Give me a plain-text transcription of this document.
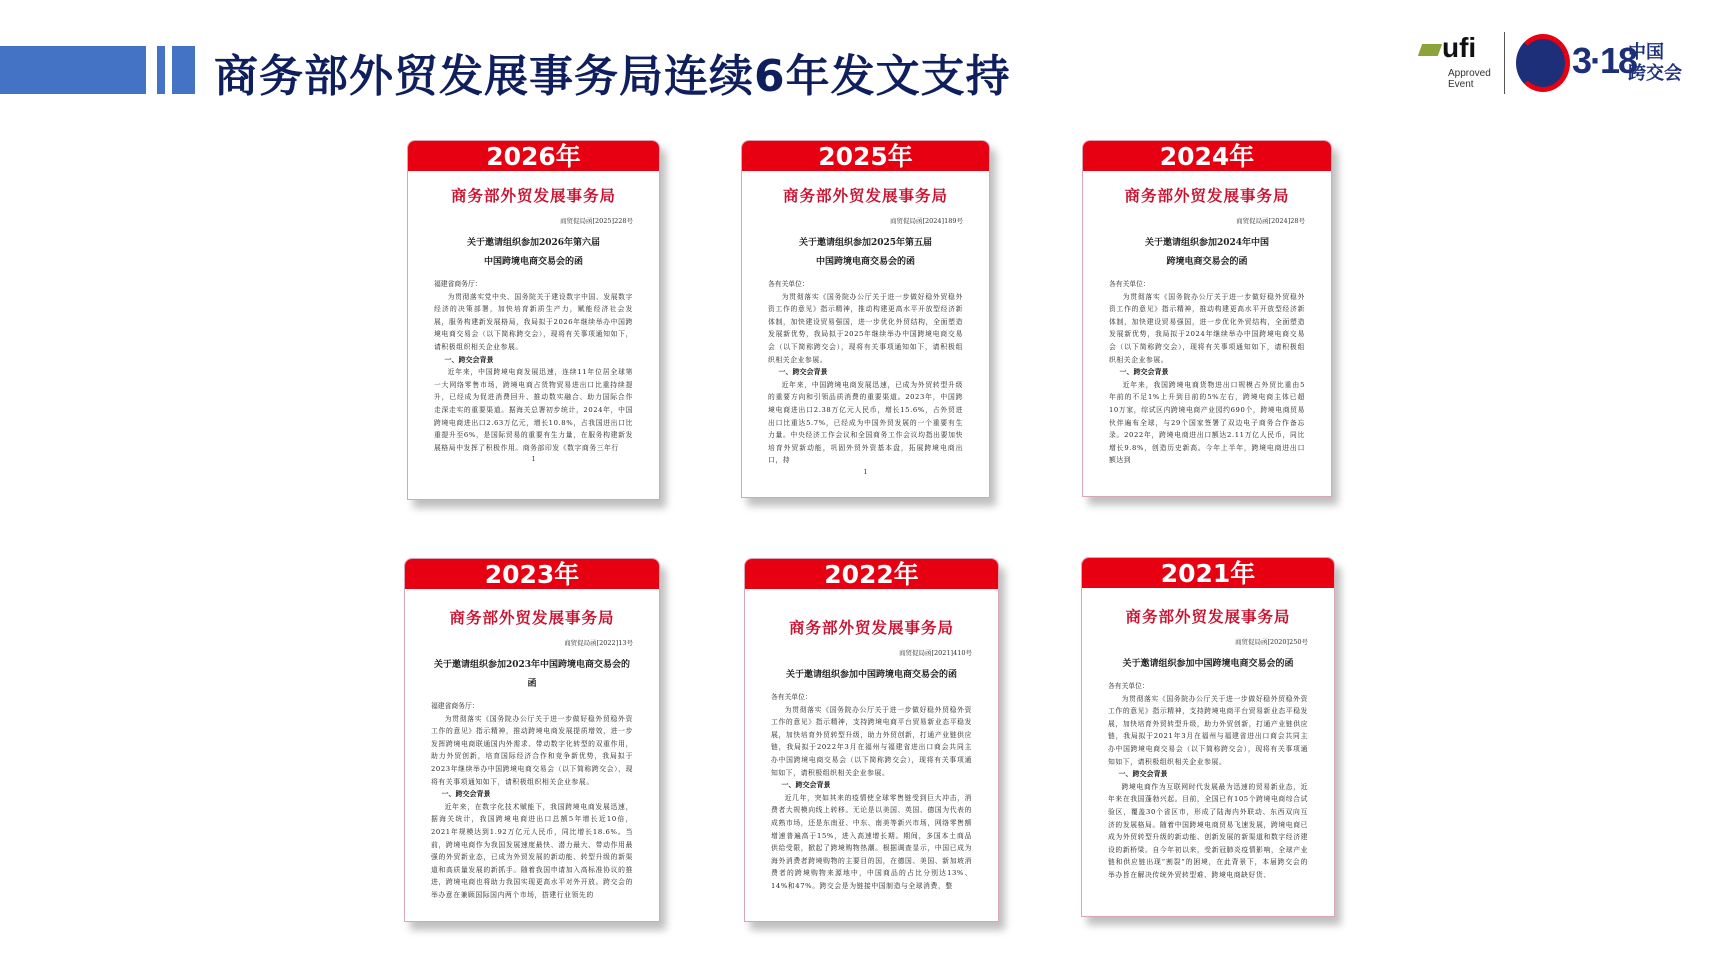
商务部外贸发展事务局连续6年发文支持
ufi
Approved
Event
3·18
中国
跨交会
2026年
商务部外贸发展事务局
商贸促局函[2025]228号
关于邀请组织参加2026年第六届
中国跨境电商交易会的函
福建省商务厅：
为贯彻落实党中央、国务院关于建设数字中国、发展数字经济的决策部署，加快培育新质生产力，赋能经济社会发展，服务构建新发展格局，我局拟于2026年继续举办中国跨境电商交易会（以下简称跨交会），现将有关事项通知如下，请积极组织相关企业参展。
一、跨交会背景
近年来，中国跨境电商发展迅速，连续11年位居全球第一大网络零售市场，跨境电商占货物贸易进出口比重持续提升，已经成为促进消费回升、推动数实融合、助力国际合作走深走实的重要渠道。据海关总署初步统计，2024年，中国跨境电商进出口2.63万亿元，增长10.8%，占我国进出口比重提升至6%，是国际贸易的重要有生力量，在服务构建新发展格局中发挥了积极作用。商务部印发《数字商务三年行
1
2025年
商务部外贸发展事务局
商贸促局函[2024]189号
关于邀请组织参加2025年第五届
中国跨境电商交易会的函
各有关单位：
为贯彻落实《国务院办公厅关于进一步做好稳外贸稳外资工作的意见》指示精神，推动构建更高水平开放型经济新体制，加快建设贸易强国，进一步优化外贸结构，全面塑造发展新优势，我局拟于2025年继续举办中国跨境电商交易会（以下简称跨交会），现将有关事项通知如下，请积极组织相关企业参展。
一、跨交会背景
近年来，中国跨境电商发展迅速，已成为外贸转型升级的重要方向和引领品质消费的重要渠道。2023年，中国跨境电商进出口2.38万亿元人民币，增长15.6%，占外贸进出口比重达5.7%，已经成为中国外贸发展的一个重要有生力量。中央经济工作会议和全国商务工作会议均指出要加快培育外贸新动能，巩固外贸外资基本盘，拓展跨境电商出口，持
1
2024年
商务部外贸发展事务局
商贸促局函[2024]28号
关于邀请组织参加2024年中国
跨境电商交易会的函
各有关单位：
为贯彻落实《国务院办公厅关于进一步做好稳外贸稳外资工作的意见》指示精神，推动构建更高水平开放型经济新体制，加快建设贸易强国，进一步优化外贸结构，全面塑造发展新优势，我局拟于2024年继续举办中国跨境电商交易会（以下简称跨交会），现将有关事项通知如下，请积极组织相关企业参展。
一、跨交会背景
近年来，我国跨境电商货物进出口规模占外贸比重由5年前的不足1%上升到目前的5%左右，跨境电商主体已超10万家，综试区内跨境电商产业园约690个，跨境电商贸易伙伴遍布全球，与29个国家签署了双边电子商务合作备忘录。2022年，跨境电商进出口额达2.11万亿人民币，同比增长9.8%，创造历史新高。今年上半年，跨境电商进出口额达到
2023年
商务部外贸发展事务局
商贸促局函[2022]13号
关于邀请组织参加2023年中国跨境电商交易会的函
福建省商务厅：
为贯彻落实《国务院办公厅关于进一步做好稳外贸稳外资工作的意见》指示精神，推动跨境电商发展提质增效，进一步发挥跨境电商联通国内外需求、带动数字化转型的双重作用，助力外贸创新，培育国际经济合作和竞争新优势，我局拟于2023年继续举办中国跨境电商交易会（以下简称跨交会），现将有关事项通知如下，请积极组织相关企业参展。
一、跨交会背景
近年来，在数字化技术赋能下，我国跨境电商发展迅速，据海关统计，我国跨境电商进出口总额5年增长近10倍，2021年规模达到1.92万亿元人民币，同比增长18.6%。当前，跨境电商作为我国发展速度最快、潜力最大、带动作用最强的外贸新业态，已成为外贸发展的新动能、转型升级的新渠道和高质量发展的新抓手。随着我国申请加入高标准协议的推进，跨境电商也将助力我国实现更高水平对外开放。跨交会的举办意在兼顾国际国内两个市场，搭建行业领先的
2022年
商务部外贸发展事务局
商贸促局函[2021]410号
关于邀请组织参加中国跨境电商交易会的函
各有关单位：
为贯彻落实《国务院办公厅关于进一步做好稳外贸稳外资工作的意见》指示精神，支持跨境电商平台贸易新业态平稳发展，加快培育外贸转型升级，助力外贸创新，打通产业链供应链，我局拟于2022年3月在福州与福建省进出口商会共同主办中国跨境电商交易会（以下简称跨交会），现将有关事项通知如下，请积极组织相关企业参展。
一、跨交会背景
近几年，突如其来的疫情使全球零售链受到巨大冲击，消费者大规模向线上转移。无论是以美国、英国、德国为代表的成熟市场，还是东南亚、中东、南美等新兴市场，网络零售额增速普遍高于15%，进入高速增长期。期间，多国本土商品供给受限，掀起了跨境购物热潮。根据调查显示，中国已成为海外消费者跨境购物的主要目的国，在德国、美国、新加坡消费者的跨境购物来源地中，中国商品的占比分别达13%、14%和47%。跨交会是为链接中国制造与全球消费，整
2021年
商务部外贸发展事务局
商贸促局函[2020]250号
关于邀请组织参加中国跨境电商交易会的函
各有关单位：
为贯彻落实《国务院办公厅关于进一步做好稳外贸稳外资工作的意见》指示精神，支持跨境电商平台贸易新业态平稳发展，加快培育外贸转型升级，助力外贸创新，打通产业链供应链，我局拟于2021年3月在福州与福建省进出口商会共同主办中国跨境电商交易会（以下简称跨交会），现将有关事项通知如下，请积极组织相关企业参展。
一、跨交会背景
跨境电商作为互联网时代发展最为迅速的贸易新业态，近年来在我国蓬勃兴起。目前，全国已有105个跨境电商综合试验区，覆盖30个省区市，形成了陆海内外联动、东西双向互济的发展格局。随着中国跨境电商贸易飞速发展，跨境电商已成为外贸转型升级的新动能、创新发展的新渠道和数字经济建设的新桥梁。自今年初以来，受新冠肺炎疫情影响，全球产业链和供应链出现“割裂”的困境，在此背景下，本届跨交会的举办旨在解决传统外贸转型难、跨境电商缺好货、
